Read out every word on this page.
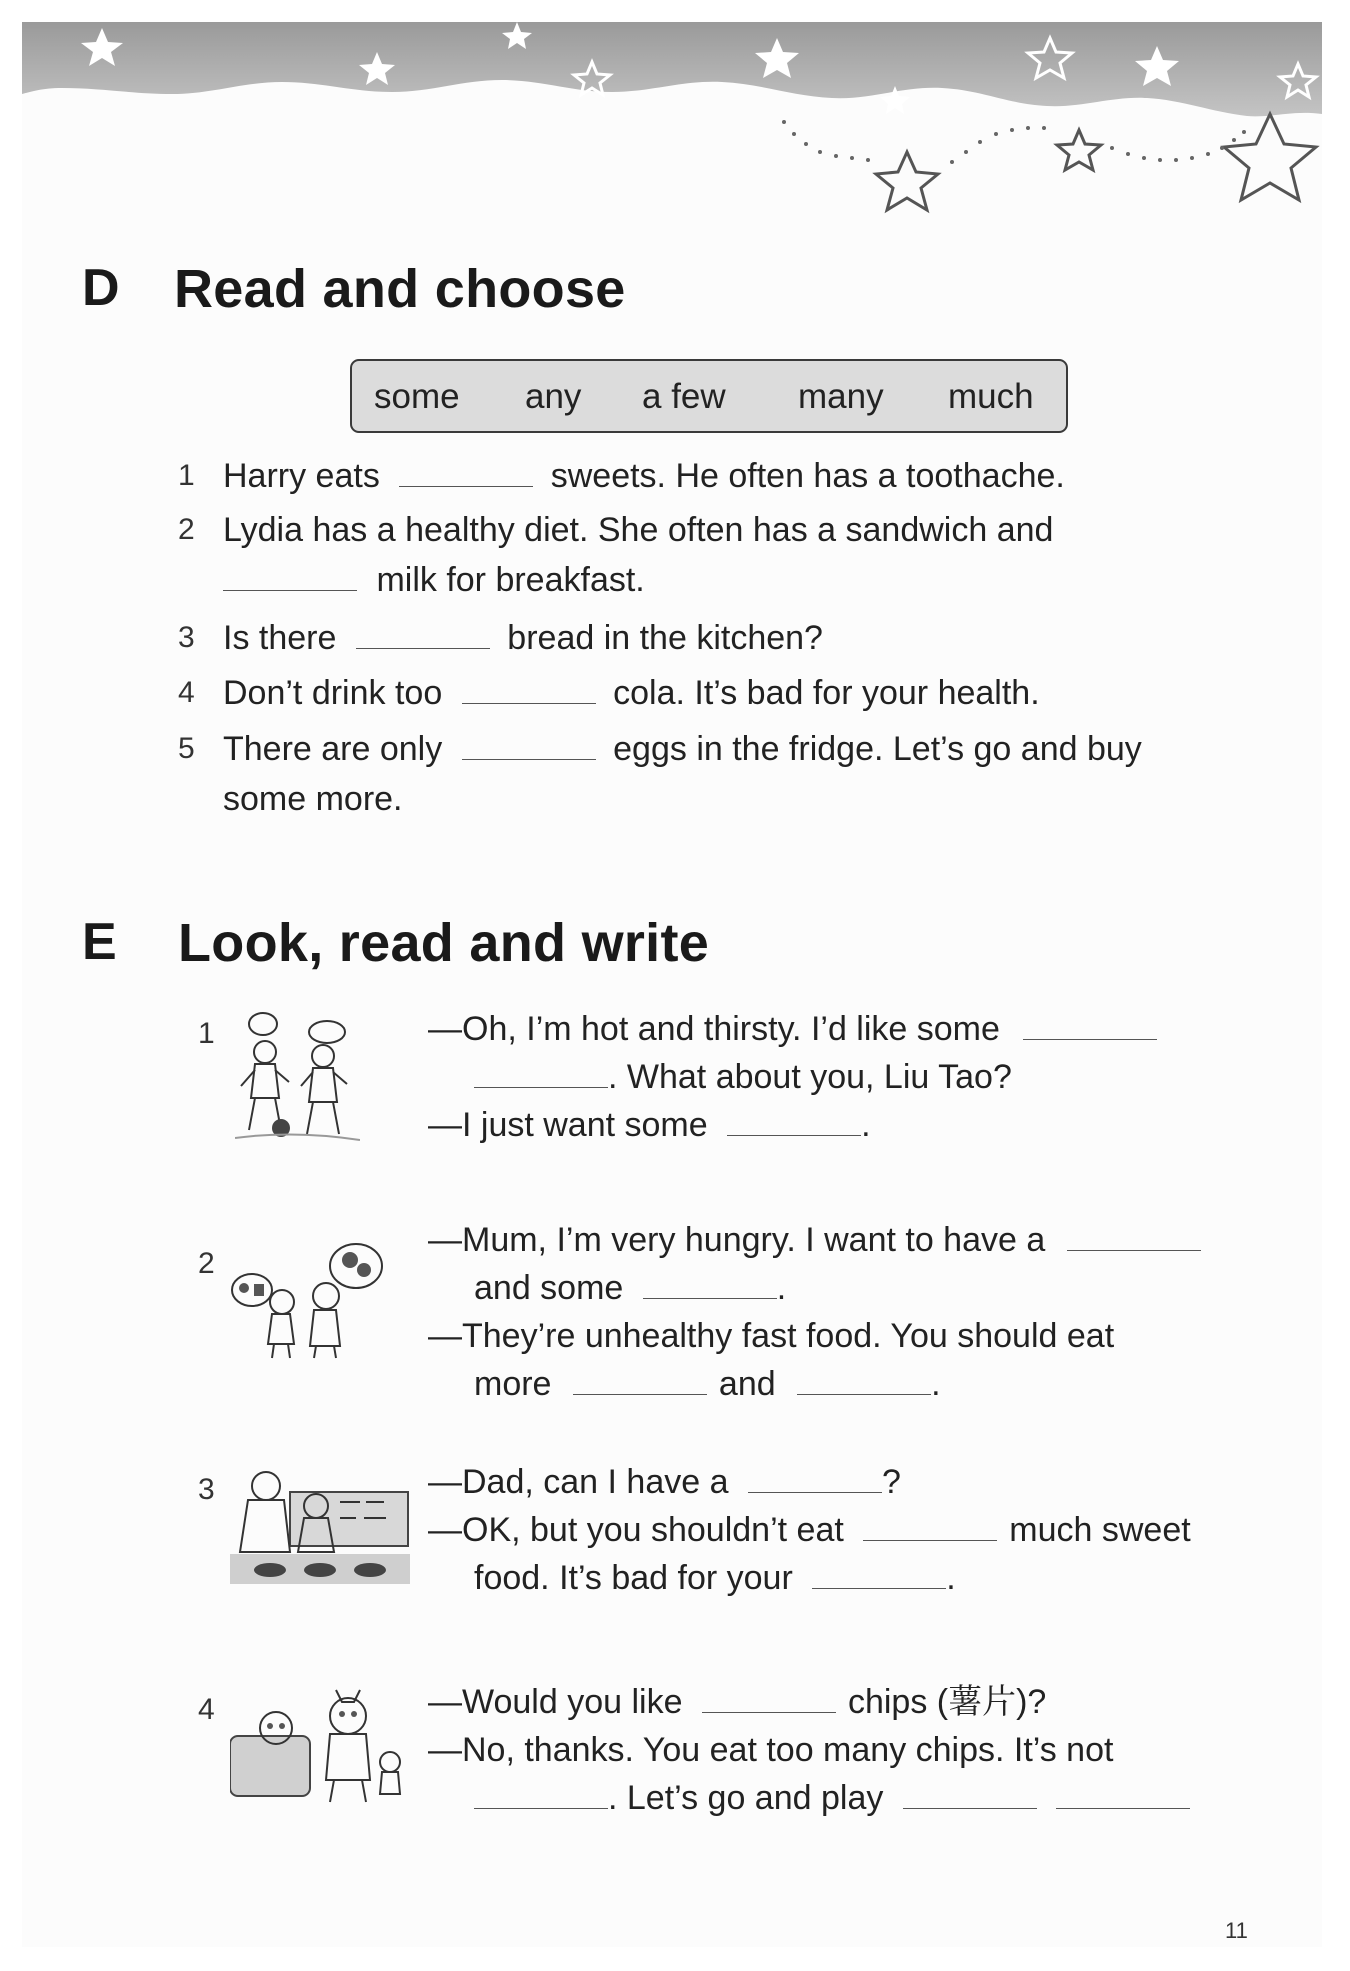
D Read and choose
some any a few many much
1 Harry eats	sweets. He often has a toothache.
2 Lydia has a healthy diet. She often has a sandwich and
milk for breakfast.
3 Is there	bread in the kitchen?
4 Don’t drink too	cola. It’s bad for your health.
5 There are only	eggs in the fridge. Let’s go and buy
some more.
E Look, read and write
1	—Oh, I’m hot and thirsty. I’d like some
. What about you, Liu Tao?
—I just want some	.
2
—Mum, I’m very hungry. I want to have a
and some	.
—They’re unhealthy fast food. You should eat
more	and	.
3	—Dad, can I have a	?
—OK, but you shouldn’t eat	much sweet
food. It’s bad for your	.
4	—Would you like	chips (薯片)?
—No, thanks. You eat too many chips. It’s not
. Let’s go and play
11
